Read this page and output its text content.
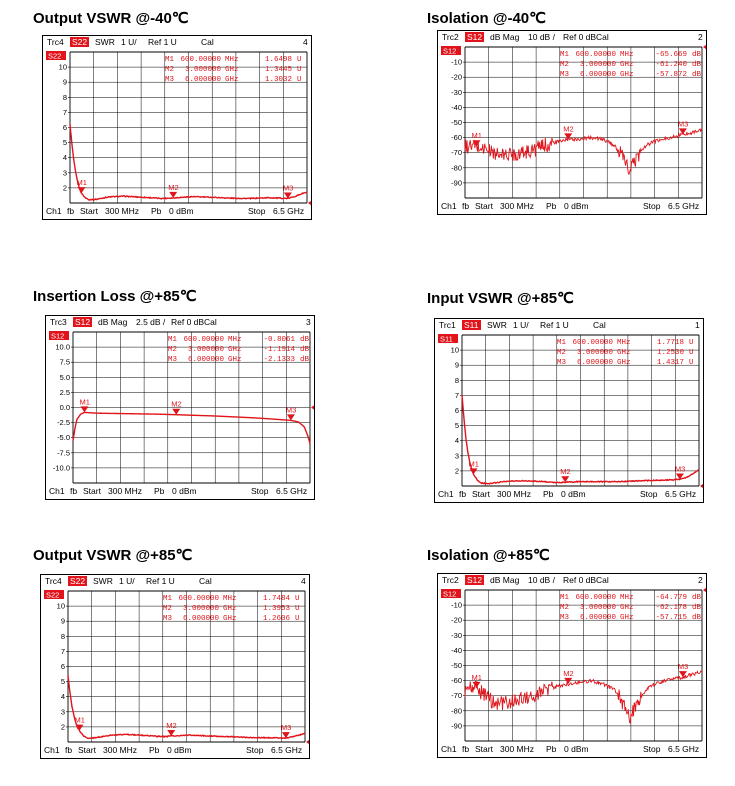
Output VSWR @-40℃
Trc4 S22 SWR 1 U/ Ref 1 U	Cal	4
Ch1 fb Start 300 MHz Pb 0 dBm	Stop 6.5 GHz
S22
10
9
8
7
6
5
4
3
2
M1 600.00000 MHz	1.6498 U
M1
M2 3.000000 GHz	1.3445 U
M2
M3 6.000000 GHz	1.3032 U
M3
Isolation @-40℃
Trc2 S12 dB Mag 10 dB / Ref 0 dB Cal	2
Ch1 fb Start 300 MHz Pb 0 dBm	Stop 6.5 GHz
S12
-10
-20
-30
-40
-50
-60
-70
-80
-90
M1 600.00000 MHz	-65.669 dB
M1
M2 3.000000 GHz	-61.240 dB
M2
M3 6.000000 GHz	-57.872 dB
M3
Insertion Loss @+85℃
Trc3 S12 dB Mag 2.5 dB / Ref 0 dB Cal	3
Ch1 fb Start 300 MHz Pb 0 dBm	Stop 6.5 GHz
S12
10.0
7.5
5.0
2.5
0.0
-2.5
-5.0
-7.5
-10.0
M1 600.00000 MHz	-0.8061 dB
M1
M2 3.000000 GHz	-1.1914 dB
M2
M3 6.000000 GHz	-2.1333 dB
M3
Input VSWR @+85℃
Trc1 S11 SWR 1 U/ Ref 1 U	Cal	1
Ch1 fb Start 300 MHz Pb 0 dBm	Stop 6.5 GHz
S11
10
9
8
7
6
5
4
3
2
M1 600.00000 MHz	1.7718 U
M1
M2 3.000000 GHz	1.2530 U
M2
M3 6.000000 GHz	1.4317 U
M3
Output VSWR @+85℃
Trc4 S22 SWR 1 U/ Ref 1 U	Cal	4
Ch1 fb Start 300 MHz Pb 0 dBm	Stop 6.5 GHz
S22
10
9
8
7
6
5
4
3
2
M1 600.00000 MHz	1.7484 U
M1
M2 3.000000 GHz	1.3953 U
M2
M3 6.000000 GHz	1.2606 U
M3
Isolation @+85℃
Trc2 S12 dB Mag 10 dB / Ref 0 dB Cal	2
Ch1 fb Start 300 MHz Pb 0 dBm	Stop 6.5 GHz
S12
-10
-20
-30
-40
-50
-60
-70
-80
-90
M1 600.00000 MHz	-64.779 dB
M1
M2 3.000000 GHz	-62.178 dB
M2
M3 6.000000 GHz	-57.715 dB
M3
